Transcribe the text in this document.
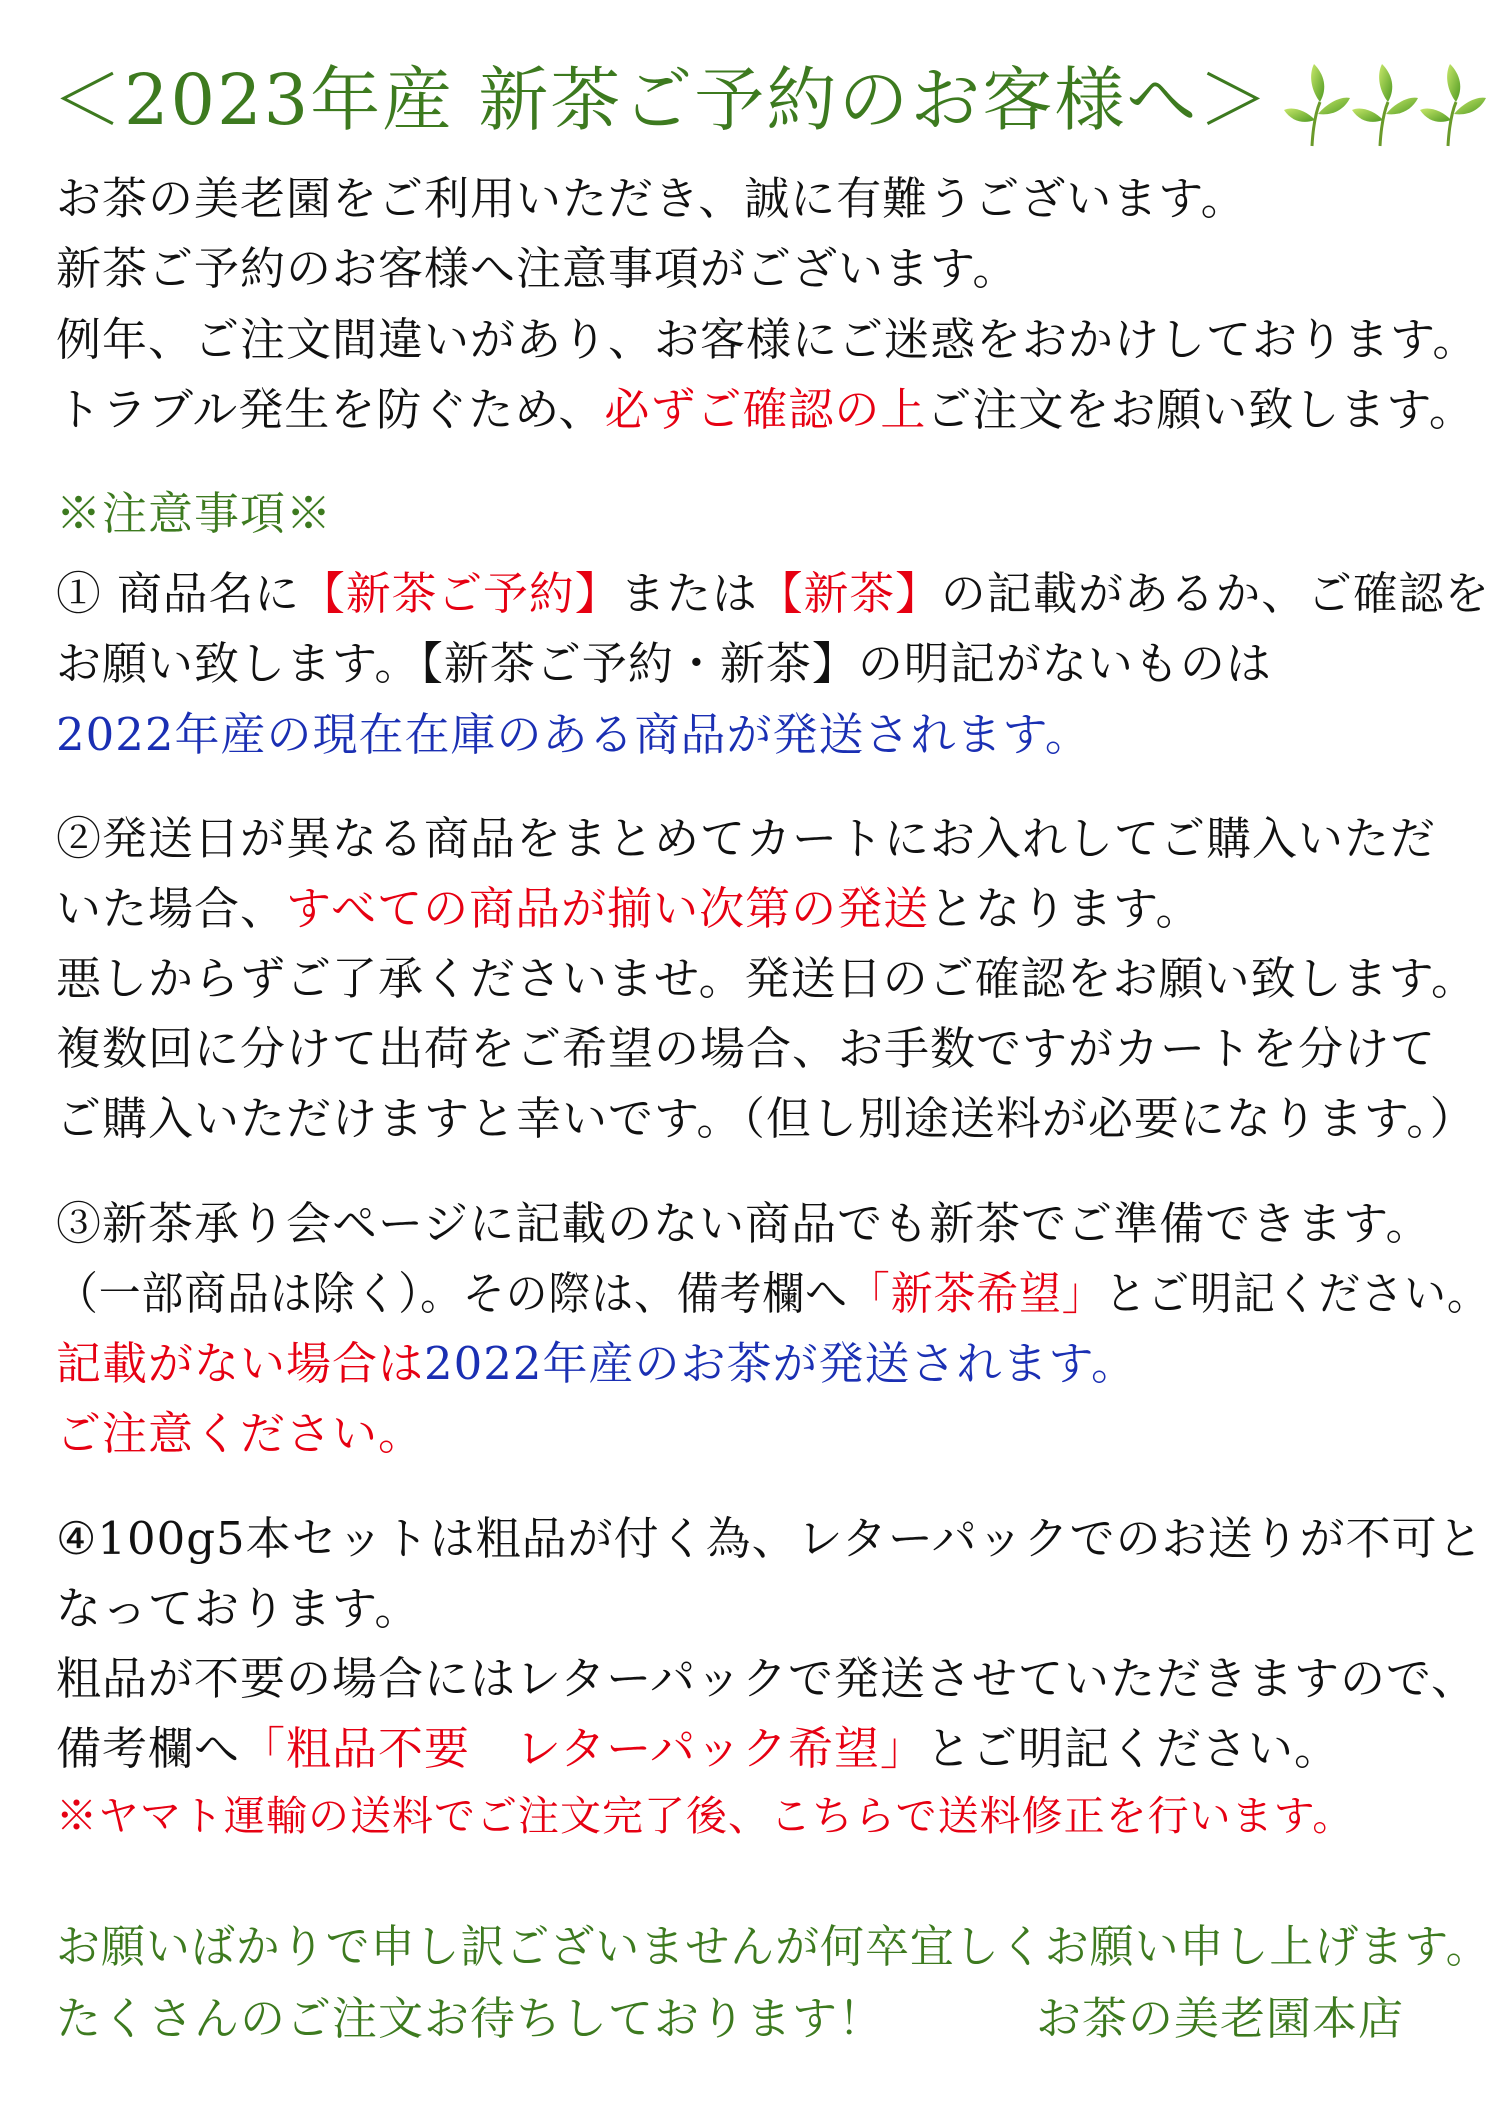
＜2023年産 新茶ご予約のお客様へ＞
お茶の美老園をご利用いただき、誠に有難うございます。
新茶ご予約のお客様へ注意事項がございます。
例年、ご注文間違いがあり、お客様にご迷惑をおかけしております。
トラブル発生を防ぐため、必ずご確認の上ご注文をお願い致します。
※注意事項※
① 商品名に【新茶ご予約】または【新茶】の記載があるか、ご確認を
お願い致します。【新茶ご予約・新茶】の明記がないものは
2022年産の現在在庫のある商品が発送されます。
②発送日が異なる商品をまとめてカートにお入れしてご購入いただ
いた場合、すべての商品が揃い次第の発送となります。
悪しからずご了承くださいませ。発送日のご確認をお願い致します。
複数回に分けて出荷をご希望の場合、お手数ですがカートを分けて
ご購入いただけますと幸いです。（但し別途送料が必要になります。）
③新茶承り会ページに記載のない商品でも新茶でご準備できます。
（一部商品は除く）。その際は、備考欄へ「新茶希望」とご明記ください。
記載がない場合は2022年産のお茶が発送されます。
ご注意ください。
④100g5本セットは粗品が付く為、レターパックでのお送りが不可と
なっております。
粗品が不要の場合にはレターパックで発送させていただきますので、
備考欄へ「粗品不要　レターパック希望」とご明記ください。
※ヤマト運輸の送料でご注文完了後、こちらで送料修正を行います。
お願いばかりで申し訳ございませんが何卒宜しくお願い申し上げます。
たくさんのご注文お待ちしております！	お茶の美老園本店
